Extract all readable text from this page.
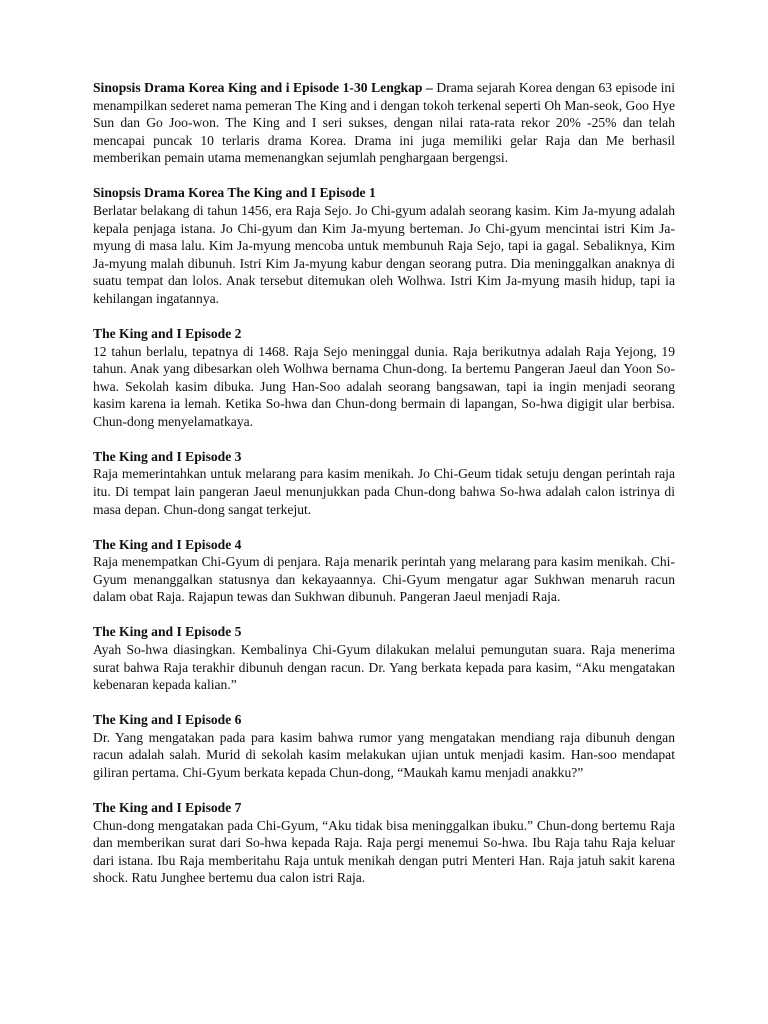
Sinopsis Drama Korea King and i Episode 1-30 Lengkap – Drama sejarah Korea dengan 63 episode ini menampilkan sederet nama pemeran The King and i dengan tokoh terkenal seperti Oh Man-seok, Goo Hye Sun dan Go Joo-won. The King and I seri sukses, dengan nilai rata-rata rekor 20% -25% dan telah mencapai puncak 10 terlaris drama Korea. Drama ini juga memiliki gelar Raja dan Me berhasil memberikan pemain utama memenangkan sejumlah penghargaan bergengsi.

Sinopsis Drama Korea The King and I Episode 1
Berlatar belakang di tahun 1456, era Raja Sejo. Jo Chi-gyum adalah seorang kasim. Kim Ja-myung adalah kepala penjaga istana. Jo Chi-gyum dan Kim Ja-myung berteman. Jo Chi-gyum mencintai istri Kim Ja-myung di masa lalu. Kim Ja-myung mencoba untuk membunuh Raja Sejo, tapi ia gagal. Sebaliknya, Kim Ja-myung malah dibunuh. Istri Kim Ja-myung kabur dengan seorang putra. Dia meninggalkan anaknya di suatu tempat dan lolos. Anak tersebut ditemukan oleh Wolhwa. Istri Kim Ja-myung masih hidup, tapi ia kehilangan ingatannya.
The King and I Episode 2
12 tahun berlalu, tepatnya di 1468. Raja Sejo meninggal dunia. Raja berikutnya adalah Raja Yejong, 19 tahun. Anak yang dibesarkan oleh Wolhwa bernama Chun-dong. Ia bertemu Pangeran Jaeul dan Yoon So-hwa. Sekolah kasim dibuka. Jung Han-Soo adalah seorang bangsawan, tapi ia ingin menjadi seorang kasim karena ia lemah. Ketika So-hwa dan Chun-dong bermain di lapangan, So-hwa digigit ular berbisa. Chun-dong menyelamatkaya.
The King and I Episode 3
Raja memerintahkan untuk melarang para kasim menikah. Jo Chi-Geum tidak setuju dengan perintah raja itu. Di tempat lain pangeran Jaeul menunjukkan pada Chun-dong bahwa So-hwa adalah calon istrinya di masa depan. Chun-dong sangat terkejut.
The King and I Episode 4
Raja menempatkan Chi-Gyum di penjara. Raja menarik perintah yang melarang para kasim menikah. Chi-Gyum menanggalkan statusnya dan kekayaannya. Chi-Gyum mengatur agar Sukhwan menaruh racun dalam obat Raja. Rajapun tewas dan Sukhwan dibunuh. Pangeran Jaeul menjadi Raja.
The King and I Episode 5
Ayah So-hwa diasingkan. Kembalinya Chi-Gyum dilakukan melalui pemungutan suara. Raja menerima surat bahwa Raja terakhir dibunuh dengan racun. Dr. Yang berkata kepada para kasim, “Aku mengatakan kebenaran kepada kalian.”
The King and I Episode 6
Dr. Yang mengatakan pada para kasim bahwa rumor yang mengatakan mendiang raja dibunuh dengan racun adalah salah. Murid di sekolah kasim melakukan ujian untuk menjadi kasim. Han-soo mendapat giliran pertama. Chi-Gyum berkata kepada Chun-dong, “Maukah kamu menjadi anakku?”
The King and I Episode 7
Chun-dong mengatakan pada Chi-Gyum, “Aku tidak bisa meninggalkan ibuku.” Chun-dong bertemu Raja dan memberikan surat dari So-hwa kepada Raja. Raja pergi menemui So-hwa. Ibu Raja tahu Raja keluar dari istana. Ibu Raja memberitahu Raja untuk menikah dengan putri Menteri Han. Raja jatuh sakit karena shock. Ratu Junghee bertemu dua calon istri Raja.
